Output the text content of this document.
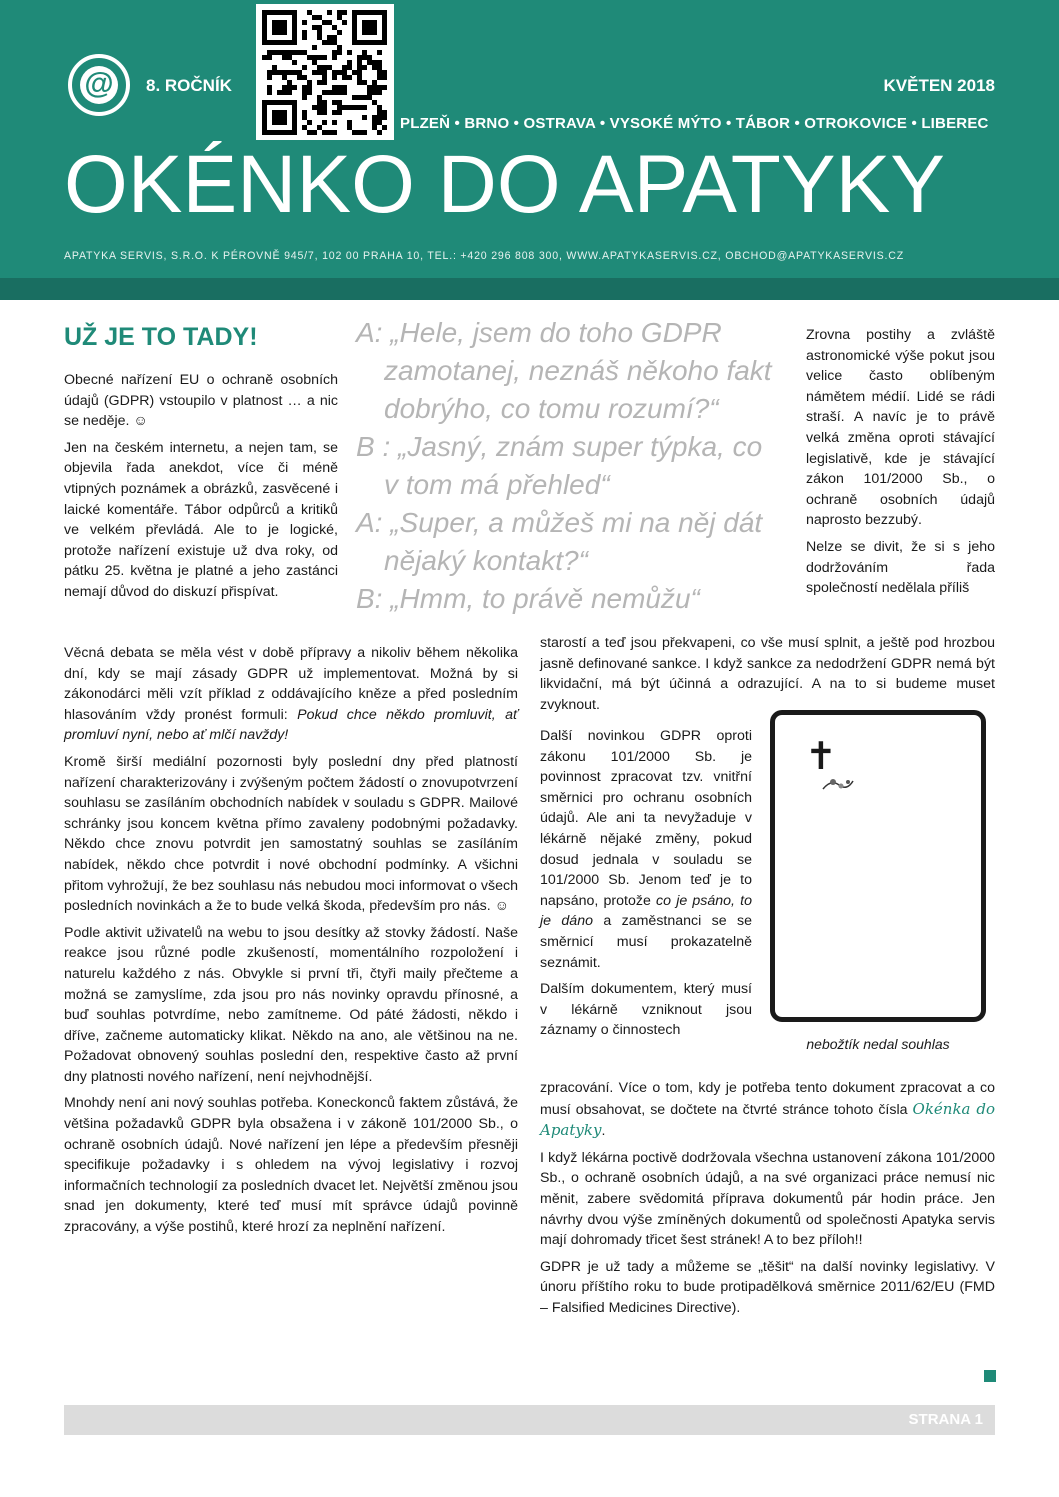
@ 8. ROČNÍK	KVĚTEN 2018
PLZEŇ • BRNO • OSTRAVA • VYSOKÉ MÝTO • TÁBOR • OTROKOVICE • LIBEREC
OKÉNKO DO APATYKY
APATYKA SERVIS, S.R.O. K PÉROVNĚ 945/7, 102 00 PRAHA 10, TEL.: +420 296 808 300, WWW.APATYKASERVIS.CZ, OBCHOD@APATYKASERVIS.CZ
UŽ JE TO TADY!

Obecné nařízení EU o ochraně osobních údajů (GDPR) vstoupilo v platnost … a nic se neděje. ☺

Jen na českém internetu, a nejen tam, se objevila řada anekdot, více či méně vtipných poznámek a obrázků, zasvěcené i laické komentáře. Tábor odpůrců a kritiků ve velkém převládá. Ale to je logické, protože nařízení existuje už dva roky, od pátku 25. května je platné a jeho zastánci nemají důvod do diskuzí přispívat.

A: „Hele, jsem do toho GDPR

zamotanej, neznáš někoho fakt

dobrýho, co tomu rozumí?“

B : „Jasný, znám super týpka, co

v tom má přehled“

A: „Super, a můžeš mi na něj dát

nějaký kontakt?“

B: „Hmm, to právě nemůžu“

Zrovna postihy a zvláště astronomické výše pokut jsou velice často oblíbeným námětem médií. Lidé se rádi straší. A navíc je to právě velká změna oproti stávající legislativě, kde je stávající zákon 101/2000 Sb., o ochraně osobních údajů naprosto bezzubý.

Nelze se divit, že si s jeho dodržováním řada společností nedělala příliš

Věcná debata se měla vést v době přípravy a nikoliv během několika dní, kdy se mají zásady GDPR už implementovat. Možná by si zákonodárci měli vzít příklad z oddávajícího kněze a před posledním hlasováním vždy pronést formuli: Pokud chce někdo promluvit, ať promluví nyní, nebo ať mlčí navždy!

Kromě širší mediální pozornosti byly poslední dny před platností nařízení charakterizovány i zvýšeným počtem žádostí o znovupotvrzení souhlasu se zasíláním obchodních nabídek v souladu s GDPR. Mailové schránky jsou koncem května přímo zavaleny podobnými požadavky. Někdo chce znovu potvrdit jen samostatný souhlas se zasíláním nabídek, někdo chce potvrdit i nové obchodní podmínky. A všichni přitom vyhrožují, že bez souhlasu nás nebudou moci informovat o všech posledních novinkách a že to bude velká škoda, především pro nás. ☺

Podle aktivit uživatelů na webu to jsou desítky až stovky žádostí. Naše reakce jsou různé podle zkušeností, momentálního rozpoložení i naturelu každého z nás. Obvykle si první tři, čtyři maily přečteme a možná se zamyslíme, zda jsou pro nás novinky opravdu přínosné, a buď souhlas potvrdíme, nebo zamítneme. Od páté žádosti, někdo i dříve, začneme automaticky klikat. Někdo na ano, ale většinou na ne. Požadovat obnovený souhlas poslední den, respektive často až první dny platnosti nového nařízení, není nejvhodnější.

Mnohdy není ani nový souhlas potřeba. Koneckonců faktem zůstává, že většina požadavků GDPR byla obsažena i v zákoně 101/2000 Sb., o ochraně osobních údajů. Nové nařízení jen lépe a především přesněji specifikuje požadavky i s ohledem na vývoj legislativy i rozvoj informačních technologií za posledních dvacet let. Největší změnou jsou snad jen dokumenty, které teď musí mít správce údajů povinně zpracovány, a výše postihů, které hrozí za neplnění nařízení.

starostí a teď jsou překvapeni, co vše musí splnit, a ještě pod hrozbou jasně definované sankce. I když sankce za nedodržení GDPR nemá být likvidační, má být účinná a odrazující. A na to si budeme muset zvyknout.

Další novinkou GDPR oproti zákonu 101/2000 Sb. je povinnost zpracovat tzv. vnitřní směrnici pro ochranu osobních údajů. Ale ani ta nevyžaduje v lékárně nějaké změny, pokud dosud jednala v souladu se 101/2000 Sb. Jenom teď je to napsáno, protože co je psáno, to je dáno a zaměstnanci se se směrnicí musí prokazatelně seznámit.

Dalším dokumentem, který musí v lékárně vzniknout jsou záznamy o činnostech

✝
nebožtík nedal souhlas

zpracování. Více o tom, kdy je potřeba tento dokument zpracovat a co musí obsahovat, se dočtete na čtvrté stránce tohoto čísla Okénka do Apatyky.

I když lékárna poctivě dodržovala všechna ustanovení zákona 101/2000 Sb., o ochraně osobních údajů, a na své organizaci práce nemusí nic měnit, zabere svědomitá příprava dokumentů pár hodin práce. Jen návrhy dvou výše zmíněných dokumentů od společnosti Apatyka servis mají dohromady třicet šest stránek! A to bez příloh!!

GDPR je už tady a můžeme se „těšit“ na další novinky legislativy. V únoru příštího roku to bude protipadělková směrnice 2011/62/EU (FMD – Falsified Medicines Directive).

STRANA 1
